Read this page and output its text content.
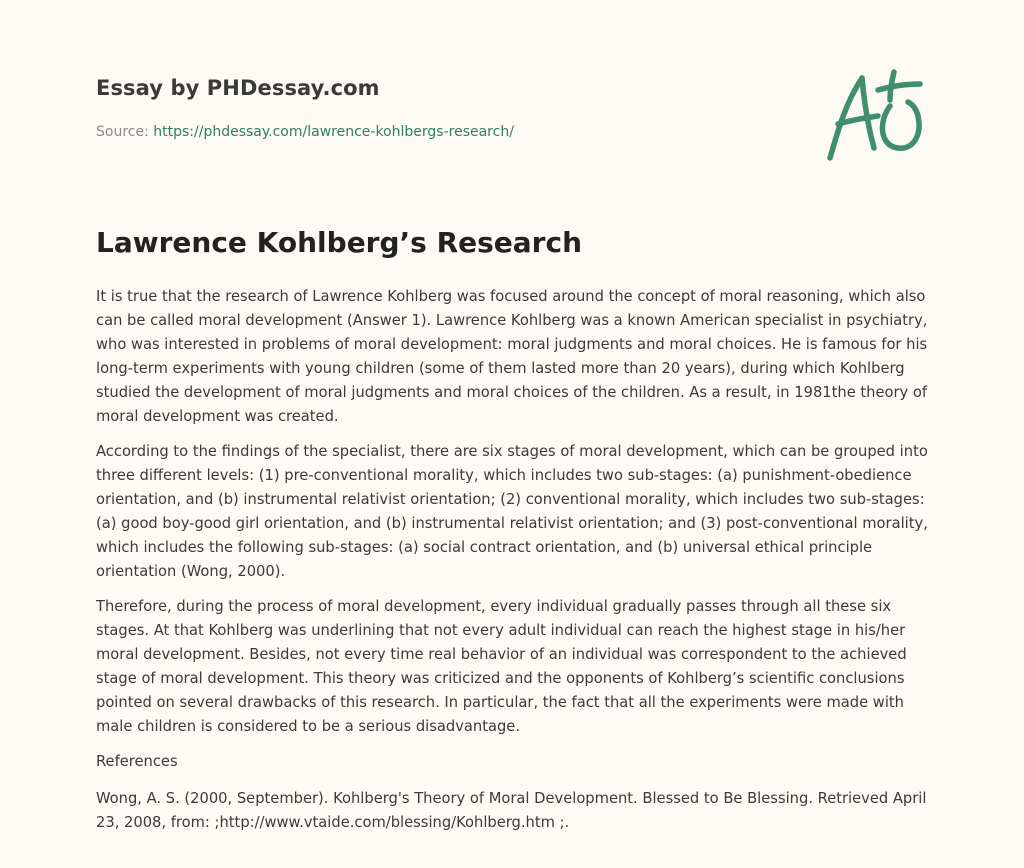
Essay by PHDessay.com
Source: https://phdessay.com/lawrence-kohlbergs-research/
Lawrence Kohlberg’s Research

It is true that the research of Lawrence Kohlberg was focused around the concept of moral reasoning, which also can be called moral development (Answer 1). Lawrence Kohlberg was a known American specialist in psychiatry, who was interested in problems of moral development: moral judgments and moral choices. He is famous for his long-term experiments with young children (some of them lasted more than 20 years), during which Kohlberg studied the development of moral judgments and moral choices of the children. As a result, in 1981the theory of moral development was created.

According to the findings of the specialist, there are six stages of moral development, which can be grouped into three different levels: (1) pre-conventional morality, which includes two sub-stages: (a) punishment-obedience orientation, and (b) instrumental relativist orientation; (2) conventional morality, which includes two sub-stages: (a) good boy-good girl orientation, and (b) instrumental relativist orientation; and (3) post-conventional morality, which includes the following sub-stages: (a) social contract orientation, and (b) universal ethical principle orientation (Wong, 2000).

Therefore, during the process of moral development, every individual gradually passes through all these six stages. At that Kohlberg was underlining that not every adult individual can reach the highest stage in his/her moral development. Besides, not every time real behavior of an individual was correspondent to the achieved stage of moral development. This theory was criticized and the opponents of Kohlberg’s scientific conclusions pointed on several drawbacks of this research. In particular, the fact that all the experiments were made with male children is considered to be a serious disadvantage.

References

Wong, A. S. (2000, September). Kohlberg's Theory of Moral Development. Blessed to Be Blessing. Retrieved April 23, 2008, from: ;http://www.vtaide.com/blessing/Kohlberg.htm ;.
